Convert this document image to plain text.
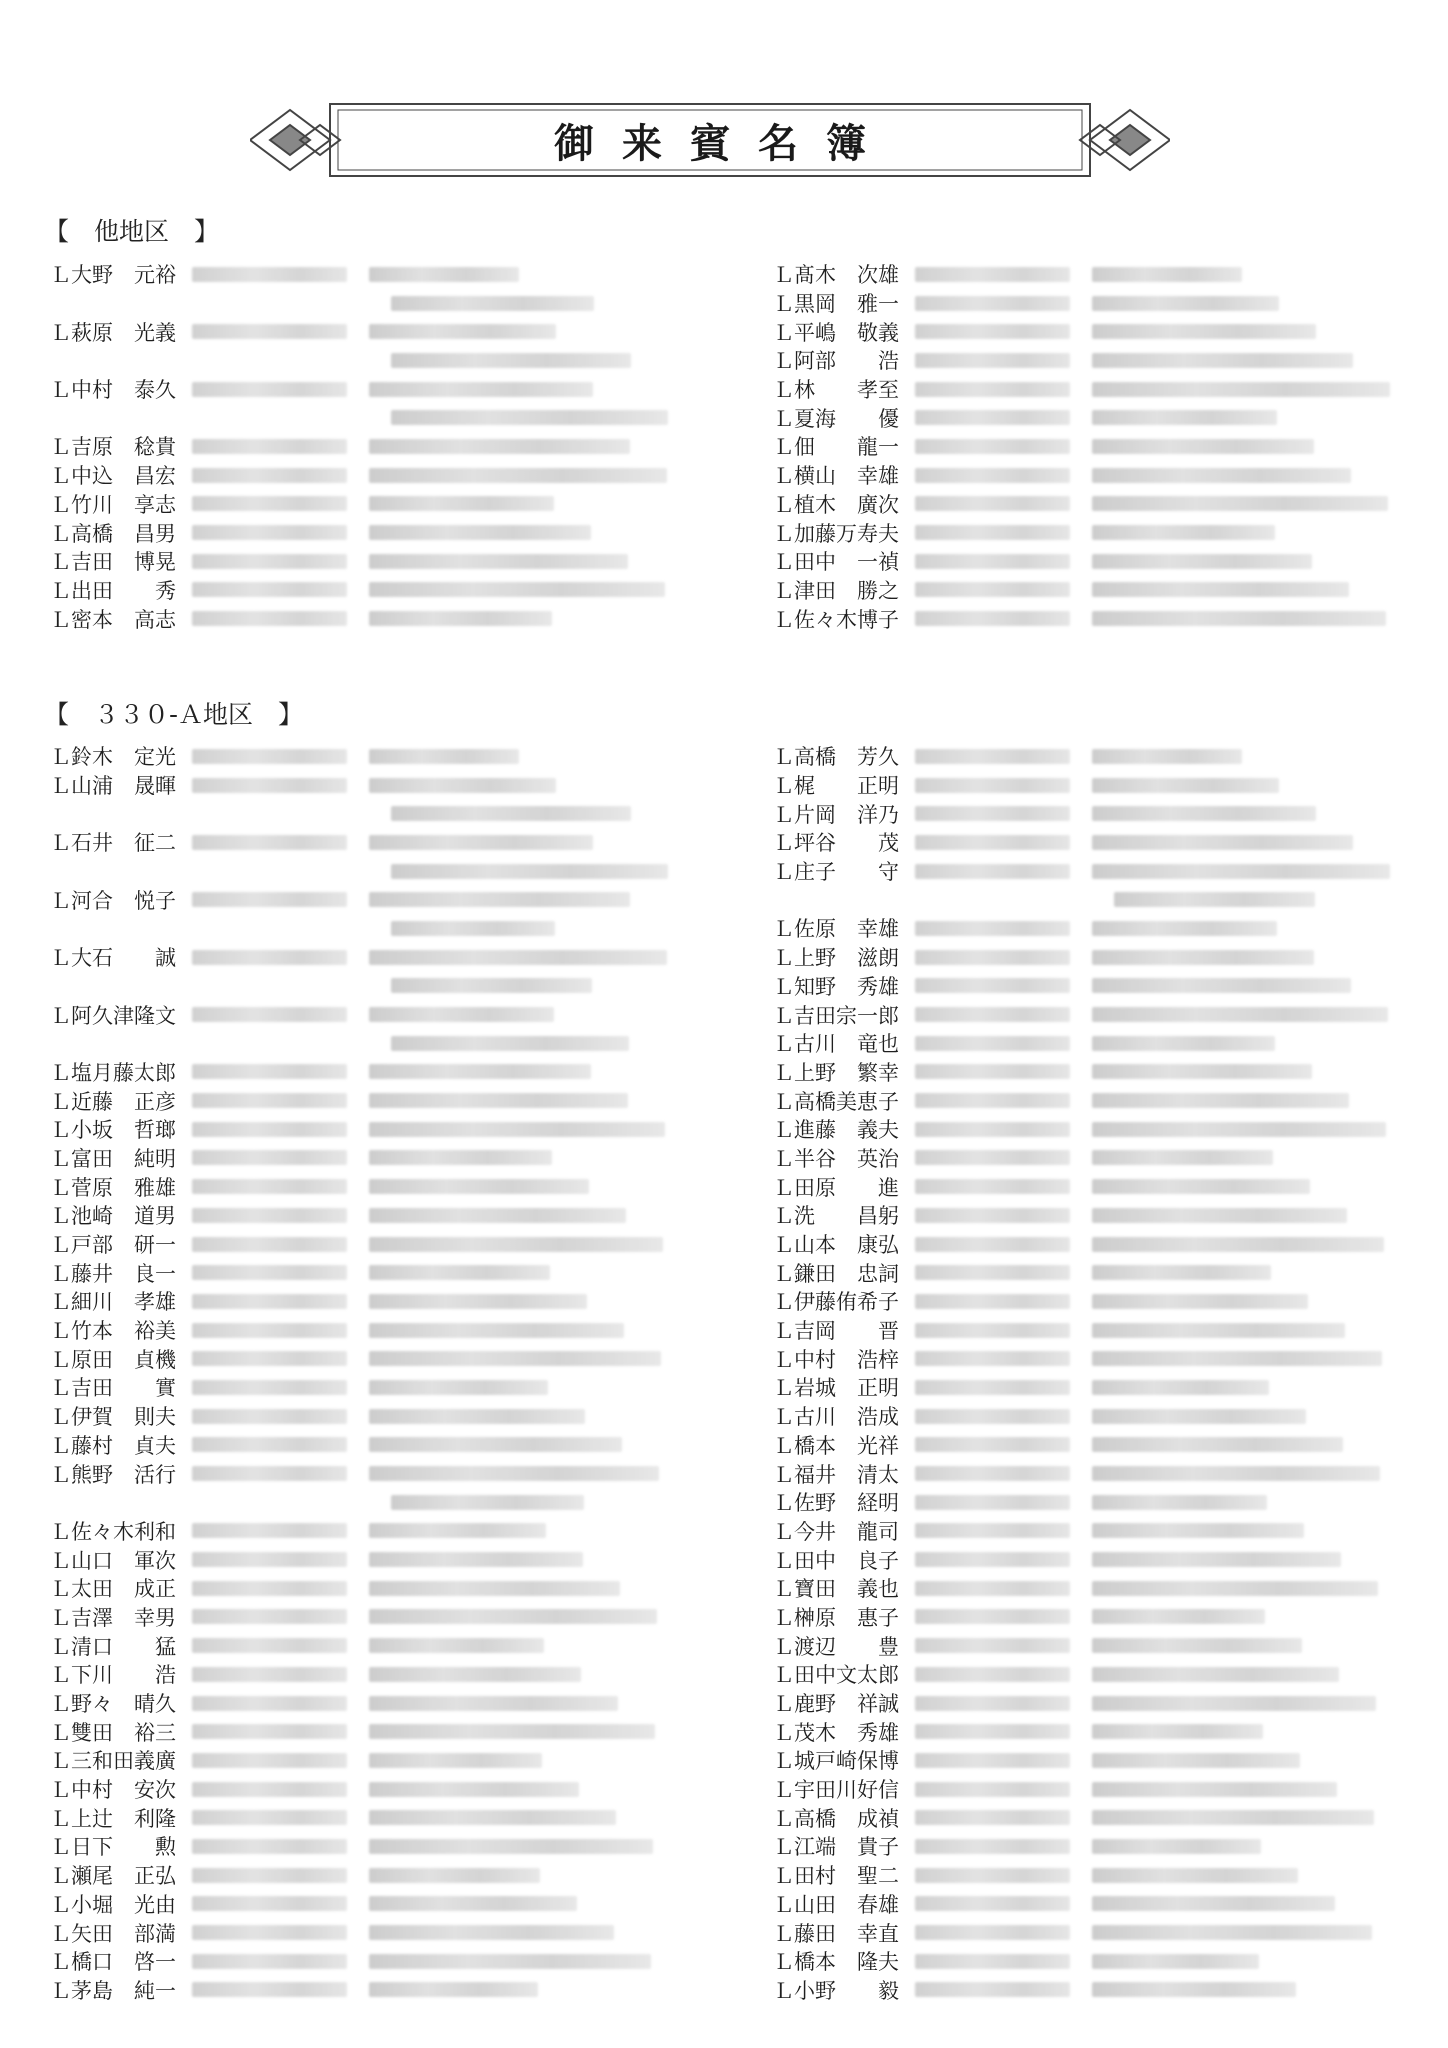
御来賓名簿
【　他地区　】
Ｌ大野　元裕
Ｌ萩原　光義
Ｌ中村　泰久
Ｌ吉原　稔貴
Ｌ中込　昌宏
Ｌ竹川　享志
Ｌ高橋　昌男
Ｌ吉田　博晃
Ｌ出田　　秀
Ｌ密本　高志
Ｌ髙木　次雄
Ｌ黒岡　雅一
Ｌ平嶋　敬義
Ｌ阿部　　浩
Ｌ林　　孝至
Ｌ夏海　　優
Ｌ佃　　龍一
Ｌ横山　幸雄
Ｌ植木　廣次
Ｌ加藤万寿夫
Ｌ田中　一禎
Ｌ津田　勝之
Ｌ佐々木博子
【　３３０-Ａ地区　】
Ｌ鈴木　定光
Ｌ山浦　晟暉
Ｌ石井　征二
Ｌ河合　悦子
Ｌ大石　　誠
Ｌ阿久津隆文
Ｌ塩月藤太郎
Ｌ近藤　正彦
Ｌ小坂　哲瑯
Ｌ富田　純明
Ｌ菅原　雅雄
Ｌ池崎　道男
Ｌ戸部　研一
Ｌ藤井　良一
Ｌ細川　孝雄
Ｌ竹本　裕美
Ｌ原田　貞機
Ｌ吉田　　實
Ｌ伊賀　則夫
Ｌ藤村　貞夫
Ｌ熊野　活行
Ｌ佐々木利和
Ｌ山口　軍次
Ｌ太田　成正
Ｌ吉澤　幸男
Ｌ清口　　猛
Ｌ下川　　浩
Ｌ野々　晴久
Ｌ雙田　裕三
Ｌ三和田義廣
Ｌ中村　安次
Ｌ上辻　利隆
Ｌ日下　　勲
Ｌ瀬尾　正弘
Ｌ小堀　光由
Ｌ矢田　部満
Ｌ橋口　啓一
Ｌ茅島　純一
Ｌ高橋　芳久
Ｌ梶　　正明
Ｌ片岡　洋乃
Ｌ坪谷　　茂
Ｌ庄子　　守
Ｌ佐原　幸雄
Ｌ上野　滋朗
Ｌ知野　秀雄
Ｌ吉田宗一郎
Ｌ古川　竜也
Ｌ上野　繁幸
Ｌ高橋美恵子
Ｌ進藤　義夫
Ｌ半谷　英治
Ｌ田原　　進
Ｌ洗　　昌躬
Ｌ山本　康弘
Ｌ鎌田　忠詞
Ｌ伊藤侑希子
Ｌ吉岡　　晋
Ｌ中村　浩梓
Ｌ岩城　正明
Ｌ古川　浩成
Ｌ橋本　光祥
Ｌ福井　清太
Ｌ佐野　経明
Ｌ今井　龍司
Ｌ田中　良子
Ｌ寶田　義也
Ｌ榊原　惠子
Ｌ渡辺　　豊
Ｌ田中文太郎
Ｌ鹿野　祥誠
Ｌ茂木　秀雄
Ｌ城戸崎保博
Ｌ宇田川好信
Ｌ高橋　成禎
Ｌ江端　貴子
Ｌ田村　聖二
Ｌ山田　春雄
Ｌ藤田　幸直
Ｌ橋本　隆夫
Ｌ小野　　毅
